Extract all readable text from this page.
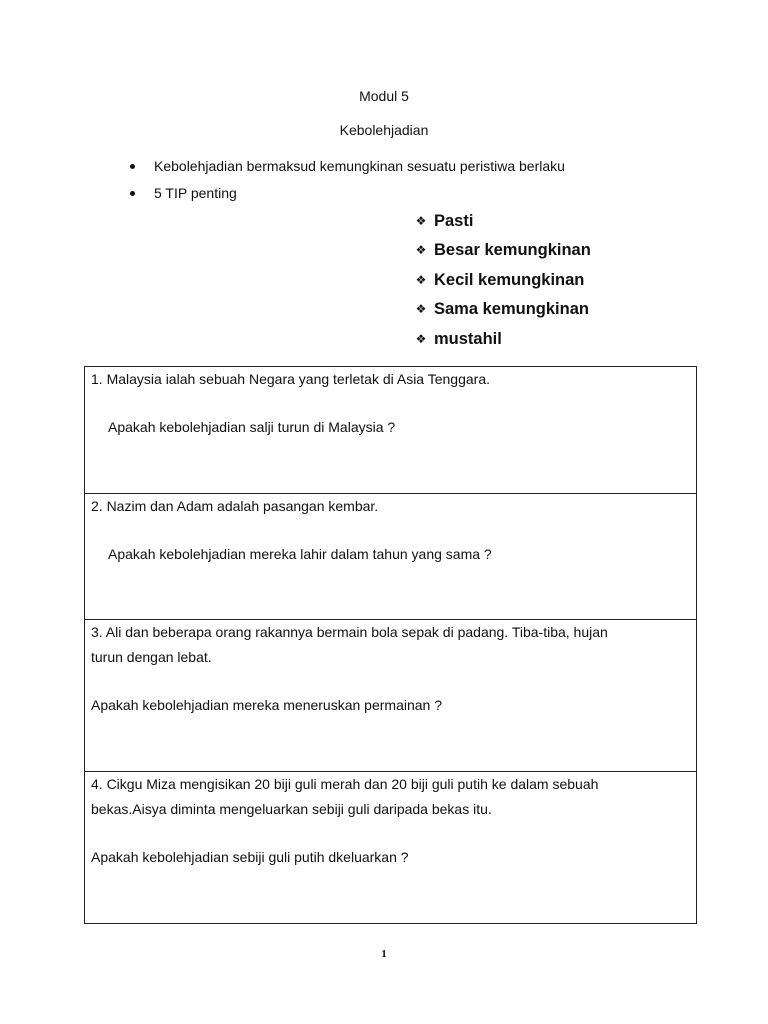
Modul 5
Kebolehjadian
Kebolehjadian bermaksud kemungkinan sesuatu peristiwa berlaku
5 TIP penting
❖ Pasti
❖ Besar kemungkinan
❖ Kecil kemungkinan
❖ Sama kemungkinan
❖ mustahil

1. Malaysia ialah sebuah Negara yang terletak di Asia Tenggara.

Apakah kebolehjadian salji turun di Malaysia ?

2. Nazim dan Adam adalah pasangan kembar.

Apakah kebolehjadian mereka lahir dalam tahun yang sama ?

3. Ali dan beberapa orang rakannya bermain bola sepak di padang. Tiba-tiba, hujan

turun dengan lebat.

Apakah kebolehjadian mereka meneruskan permainan ?

4. Cikgu Miza mengisikan 20 biji guli merah dan 20 biji guli putih ke dalam sebuah

bekas.Aisya diminta mengeluarkan sebiji guli daripada bekas itu.

Apakah kebolehjadian sebiji guli putih dkeluarkan ?

1
